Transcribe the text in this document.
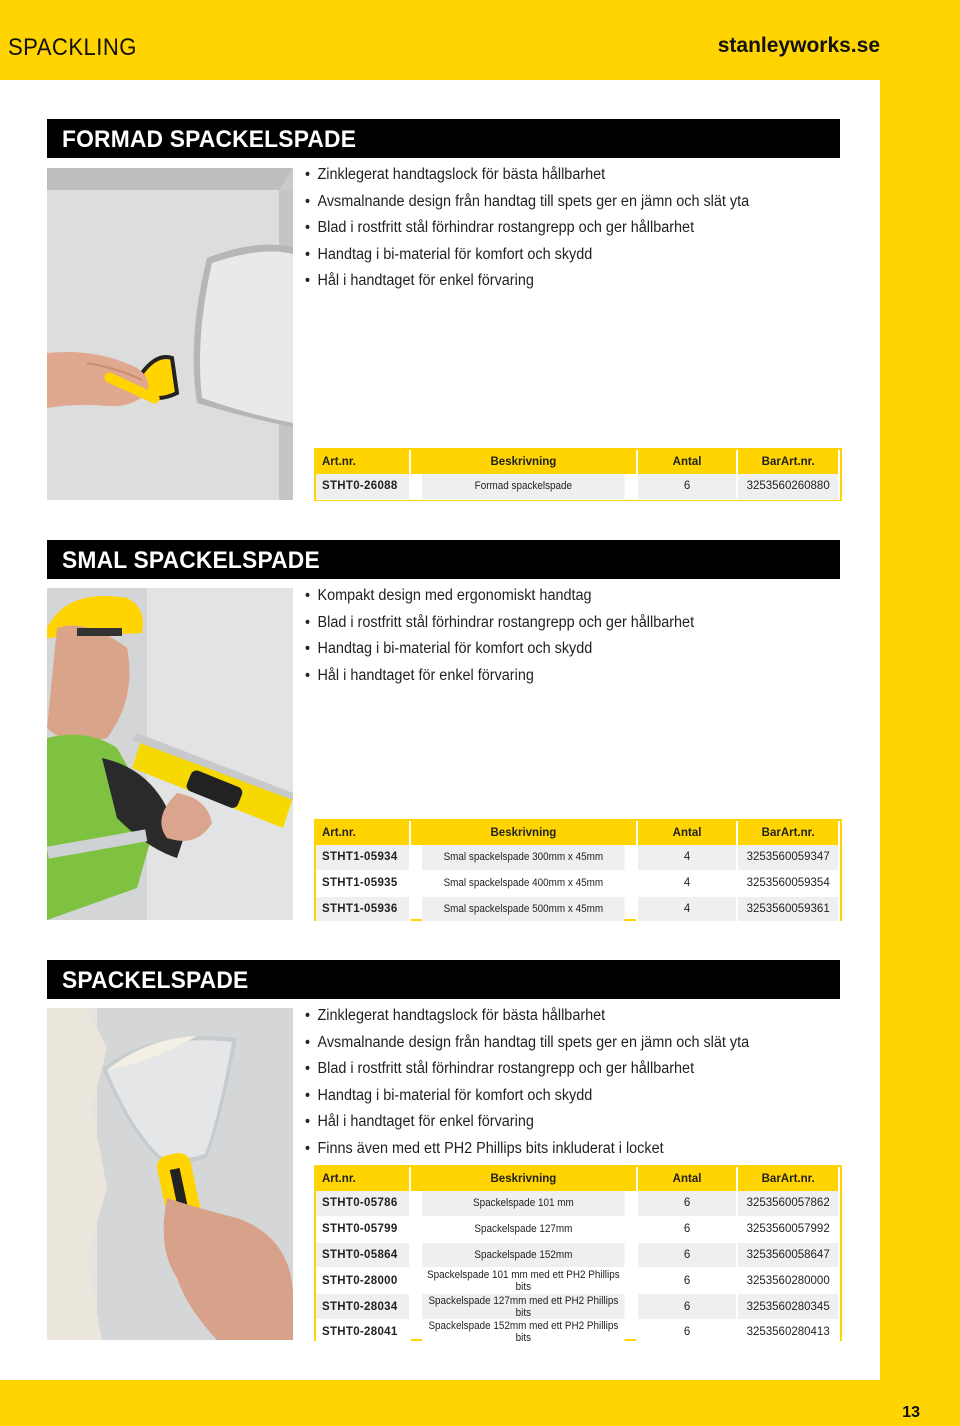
SPACKLING	stanleyworks.se
FORMAD SPACKELSPADE
• Zinklegerat handtagslock för bästa hållbarhet
• Avsmalnande design från handtag till spets ger en jämn och slät yta
• Blad i rostfritt stål förhindrar rostangrepp och ger hållbarhet
• Handtag i bi-material för komfort och skydd
• Hål i handtaget för enkel förvaring
Art.nr.	Beskrivning	Antal	BarArt.nr.
STHT0-26088	Formad spackelspade	6	3253560260880
SMAL SPACKELSPADE
• Kompakt design med ergonomiskt handtag
• Blad i rostfritt stål förhindrar rostangrepp och ger hållbarhet
• Handtag i bi-material för komfort och skydd
• Hål i handtaget för enkel förvaring
Art.nr.	Beskrivning	Antal	BarArt.nr.
STHT1-05934	Smal spackelspade 300mm x 45mm	4	3253560059347
STHT1-05935	Smal spackelspade 400mm x 45mm	4	3253560059354
STHT1-05936	Smal spackelspade 500mm x 45mm	4	3253560059361
SPACKELSPADE
• Zinklegerat handtagslock för bästa hållbarhet
• Avsmalnande design från handtag till spets ger en jämn och slät yta
• Blad i rostfritt stål förhindrar rostangrepp och ger hållbarhet
• Handtag i bi-material för komfort och skydd
• Hål i handtaget för enkel förvaring
• Finns även med ett PH2 Phillips bits inkluderat i locket
Art.nr.	Beskrivning	Antal	BarArt.nr.
STHT0-05786	Spackelspade 101 mm	6	3253560057862
STHT0-05799	Spackelspade 127mm	6	3253560057992
STHT0-05864	Spackelspade 152mm	6	3253560058647
STHT0-28000	Spackelspade 101 mm med ett PH2 Phillips bits	6	3253560280000
STHT0-28034	Spackelspade 127mm med ett PH2 Phillips bits	6	3253560280345
STHT0-28041	Spackelspade 152mm med ett PH2 Phillips bits	6	3253560280413
13
